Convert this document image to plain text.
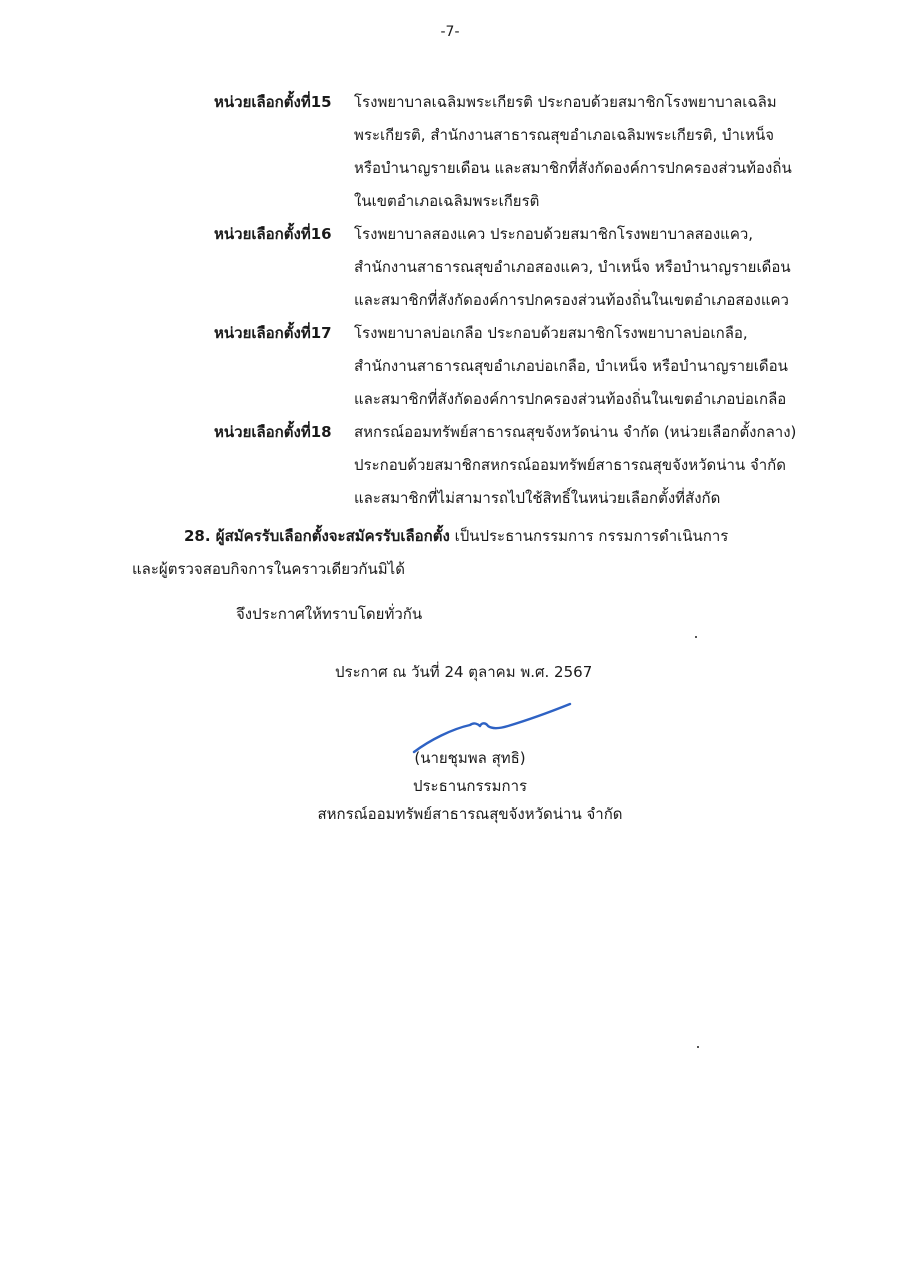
-7-
หน่วยเลือกตั้งที่15	โรงพยาบาลเฉลิมพระเกียรติ ประกอบด้วยสมาชิกโรงพยาบาลเฉลิม
พระเกียรติ, สำนักงานสาธารณสุขอำเภอเฉลิมพระเกียรติ, บำเหน็จ
หรือบำนาญรายเดือน และสมาชิกที่สังกัดองค์การปกครองส่วนท้องถิ่น
ในเขตอำเภอเฉลิมพระเกียรติ
หน่วยเลือกตั้งที่16	โรงพยาบาลสองแคว ประกอบด้วยสมาชิกโรงพยาบาลสองแคว,
สำนักงานสาธารณสุขอำเภอสองแคว, บำเหน็จ หรือบำนาญรายเดือน
และสมาชิกที่สังกัดองค์การปกครองส่วนท้องถิ่นในเขตอำเภอสองแคว
หน่วยเลือกตั้งที่17	โรงพยาบาลบ่อเกลือ ประกอบด้วยสมาชิกโรงพยาบาลบ่อเกลือ,
สำนักงานสาธารณสุขอำเภอบ่อเกลือ, บำเหน็จ หรือบำนาญรายเดือน
และสมาชิกที่สังกัดองค์การปกครองส่วนท้องถิ่นในเขตอำเภอบ่อเกลือ
หน่วยเลือกตั้งที่18	สหกรณ์ออมทรัพย์สาธารณสุขจังหวัดน่าน จำกัด (หน่วยเลือกตั้งกลาง)
ประกอบด้วยสมาชิกสหกรณ์ออมทรัพย์สาธารณสุขจังหวัดน่าน จำกัด
และสมาชิกที่ไม่สามารถไปใช้สิทธิ์ในหน่วยเลือกตั้งที่สังกัด
28. ผู้สมัครรับเลือกตั้งจะสมัครรับเลือกตั้ง เป็นประธานกรรมการ กรรมการดำเนินการ
และผู้ตรวจสอบกิจการในคราวเดียวกันมิได้
จึงประกาศให้ทราบโดยทั่วกัน
ประกาศ ณ วันที่ 24 ตุลาคม พ.ศ. 2567
(นายชุมพล สุทธิ)
ประธานกรรมการ
สหกรณ์ออมทรัพย์สาธารณสุขจังหวัดน่าน จำกัด
